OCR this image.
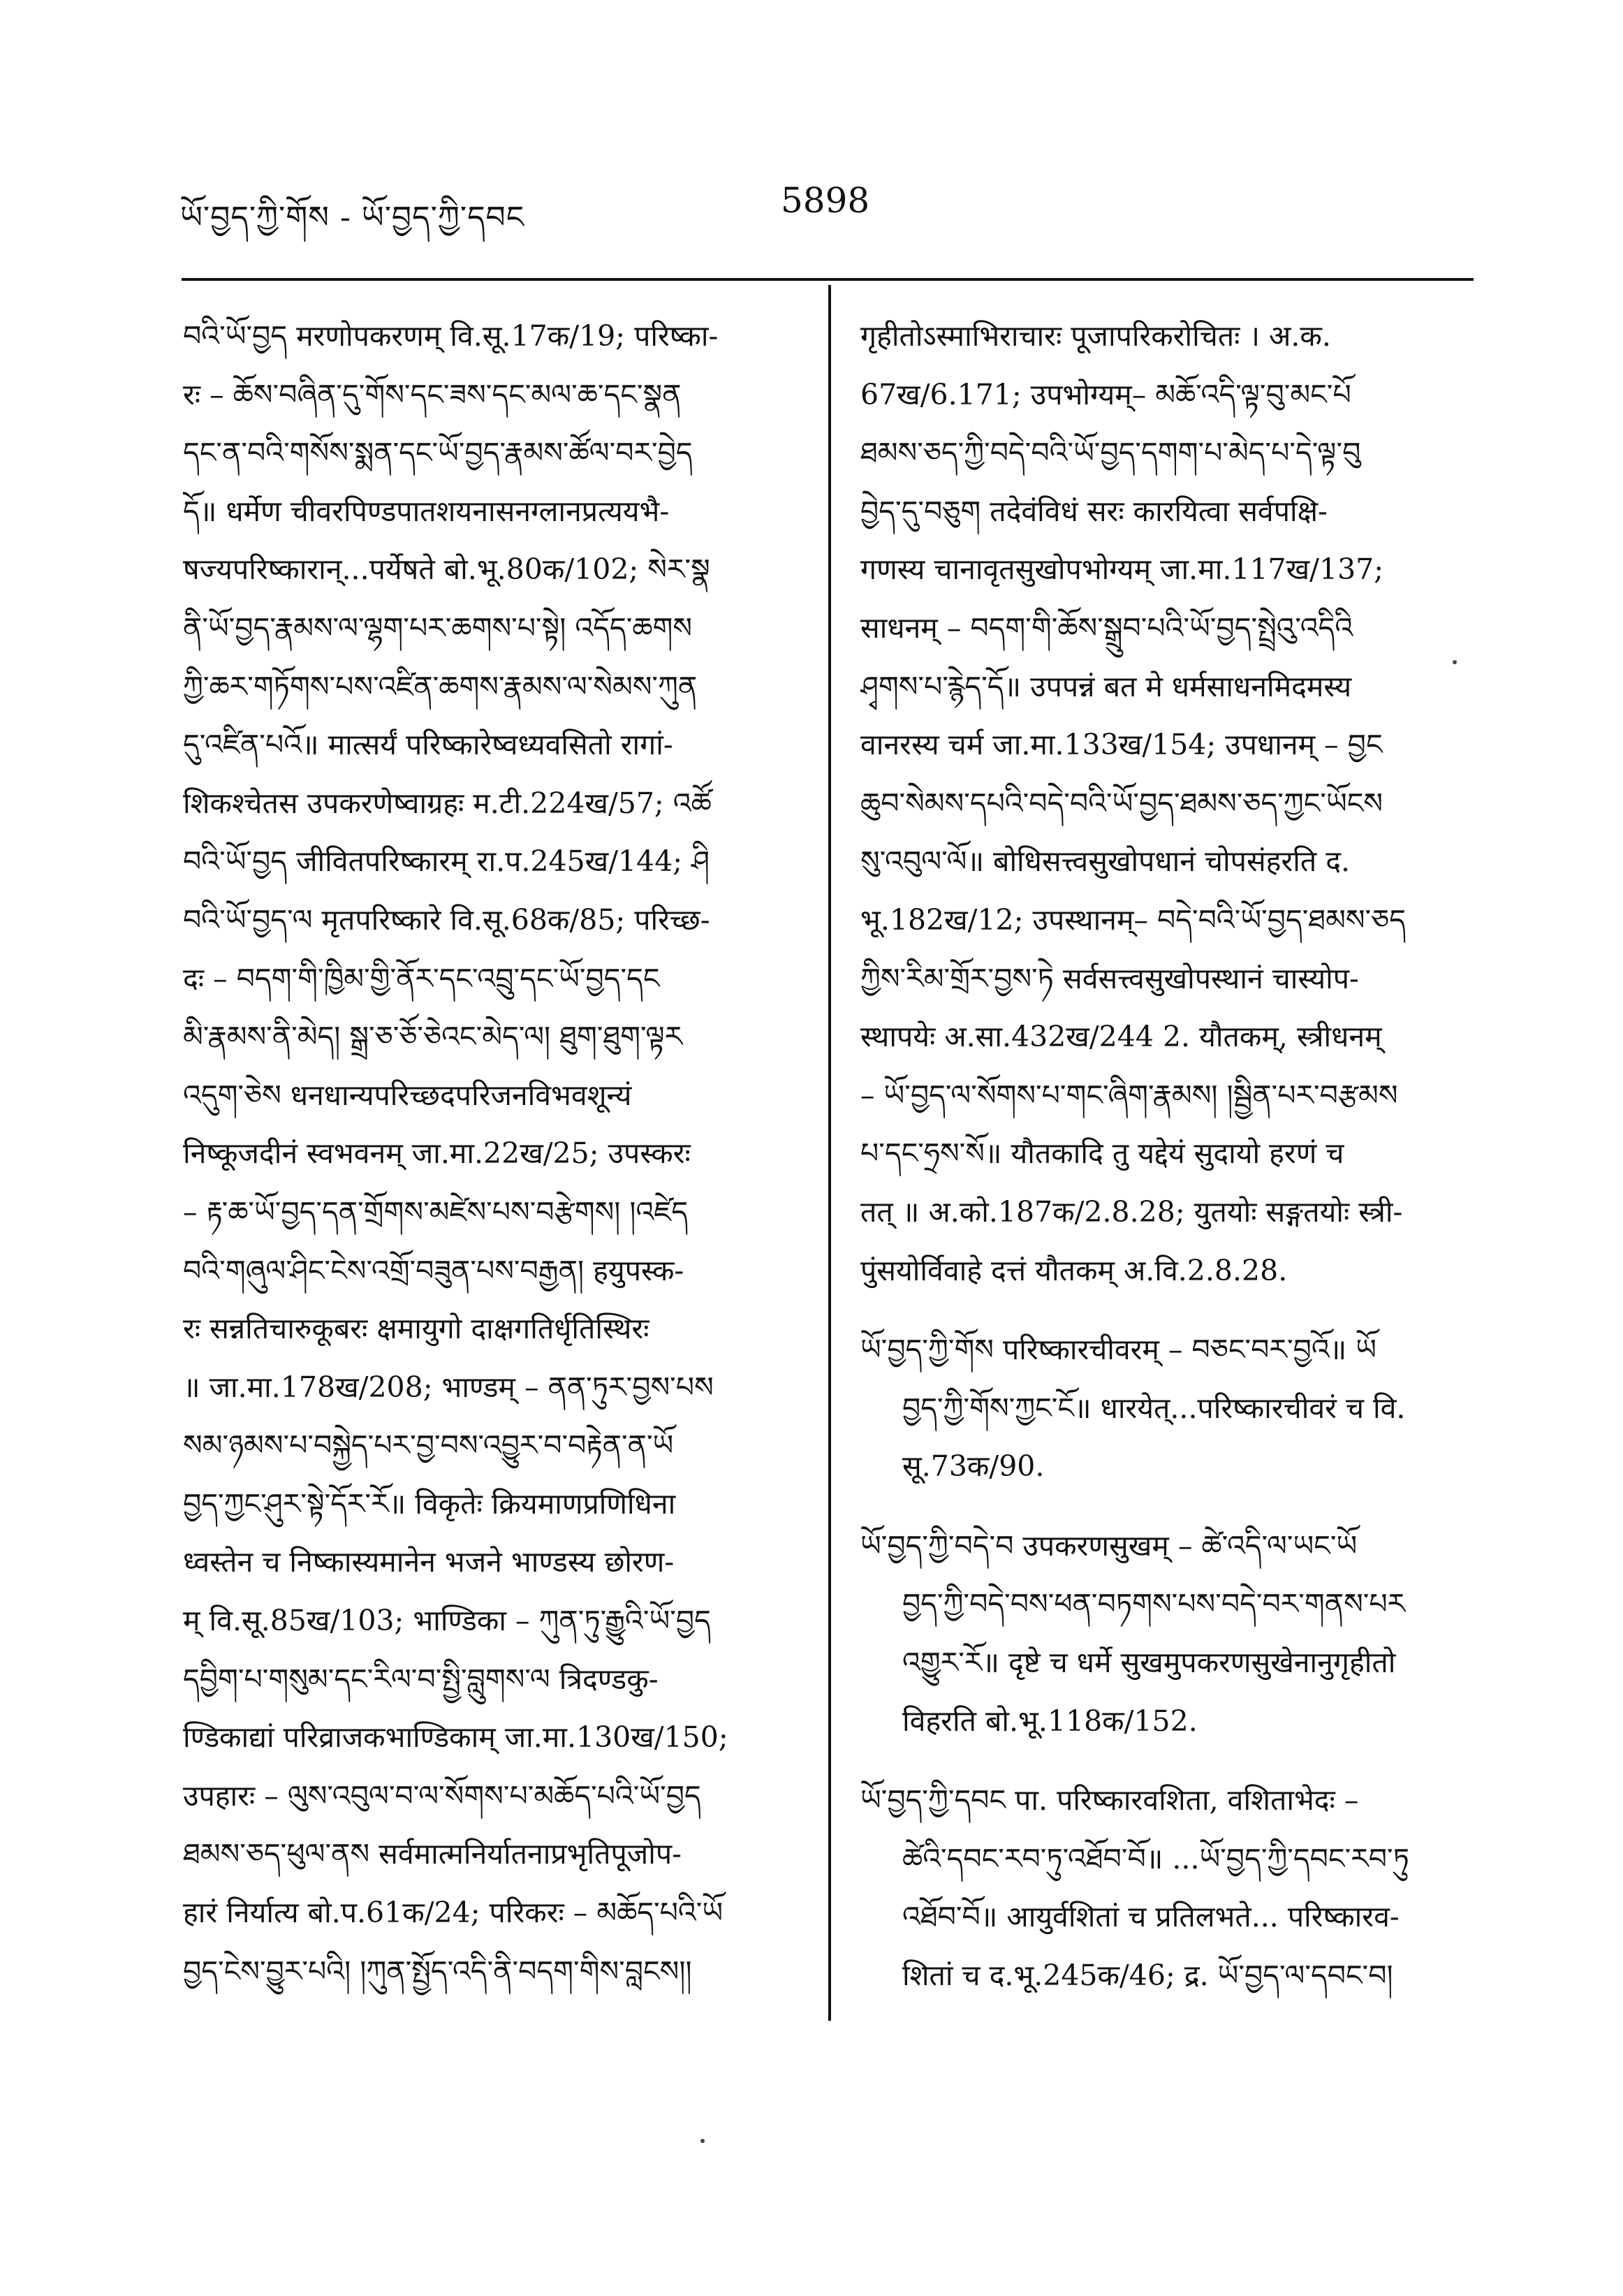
ཡོ་བྱད་ཀྱི་གོས - ཡོ་བྱད་ཀྱི་དབང	5898
བའི་ཡོ་བྱད मरणोपकरणम् वि.सू.17क/19; परिष्का-
रः – ཆོས་བཞིན་དུ་གོས་དང་ཟས་དང་མལ་ཆ་དང་སྣན
དང་ན་བའི་གསོས་སྨན་དང་ཡོ་བྱད་རྣམས་ཚོལ་བར་བྱེད
དོ॥ धर्मेण चीवरपिण्डपातशयनासनग्लानप्रत्ययभै-
षज्यपरिष्कारान्...पर्येषते बो.भू.80क/102; སེར་སྣ
ནི་ཡོ་བྱད་རྣམས་ལ་ལྷག་པར་ཆགས་པ་སྟེ། འདོད་ཆགས
ཀྱི་ཆར་གཏོགས་པས་འཛིན་ཆགས་རྣམས་ལ་སེམས་ཀུན
དུ་འཛིན་པའོ॥ मात्सर्यं परिष्कारेष्वध्यवसितो रागां-
शिकश्चेतस उपकरणेष्वाग्रहः म.टी.224ख/57; འཚོ
བའི་ཡོ་བྱད जीवितपरिष्कारम् रा.प.245ख/144; ཤི
བའི་ཡོ་བྱད་ལ मृतपरिष्कारे वि.सू.68क/85; परिच्छ-
दः – བདག་གི་ཁྱིམ་གྱི་ནོར་དང་འབྲུ་དང་ཡོ་བྱད་དང
མི་རྣམས་ནི་མེད། སྒྲ་ཅ་ཅོ་ཅེའང་མེད་ལ། ཐུག་ཐུག་ལྟར
འདུག་ཅེས धनधान्यपरिच्छदपरिजनविभवशून्यं
निष्कूजदीनं स्वभवनम् जा.मा.22ख/25; उपस्करः
– རྟ་ཆ་ཡོ་བྱད་དན་གྲོགས་མཛེས་པས་བརྩེགས། །འཛེད
བའི་གཞུལ་ཤིང་ངེས་འགྲོ་བཟུན་པས་བརྒྱན། हयुपस्क-
रः सन्नतिचारुकूबरः क्षमायुगो दाक्षगतिर्धृतिस्थिरः
॥ जा.मा.178ख/208; भाण्डम् – ནན་ཏུར་བྱས་པས
སམ་ཉམས་པ་བསྐྱེད་པར་བྱ་བས་འབྱུར་བ་བརྟེན་ན་ཡོ
བྱད་ཀྱང་ཤུར་སྟེ་དོར་རོ॥ विकृतेः क्रियमाणप्रणिधिना
ध्वस्तेन च निष्कास्यमानेन भजने भाण्डस्य छोरण-
म् वि.सू.85ख/103; भाण्डिका – ཀུན་ཏུ་རྒྱུའི་ཡོ་བྱད
དབྱིག་པ་གསུམ་དང་རིལ་བ་སྤྱི་བླུགས་ལ त्रिदण्डकु-
ण्डिकाद्यां परिव्राजकभाण्डिकाम् जा.मा.130ख/150;
उपहारः – ལུས་འབུལ་བ་ལ་སོགས་པ་མཆོད་པའི་ཡོ་བྱད
ཐམས་ཅད་ཕུལ་ནས सर्वमात्मनिर्यातनाप्रभृतिपूजोप-
हारं निर्यात्य बो.प.61क/24; परिकरः – མཆོད་པའི་ཡོ
བྱད་ངེས་བྱུར་པའི། །ཀུན་སྤྱོད་འདི་ནི་བདག་གིས་བླངས།།
गृहीतोऽस्माभिराचारः पूजापरिकरोचितः । अ.क.
67ख/6.171; उपभोग्यम्– མཆོ་འདི་ལྟ་བུ་མང་པོ
ཐམས་ཅད་ཀྱི་བདེ་བའི་ཡོ་བྱད་དགག་པ་མེད་པ་དེ་ལྟ་བུ
བྱེད་དུ་བཅུག तदेवंविधं सरः कारयित्वा सर्वपक्षि-
गणस्य चानावृतसुखोपभोग्यम् जा.मा.117ख/137;
साधनम् – བདག་གི་ཆོས་སྒྲུབ་པའི་ཡོ་བྱད་སྤྲེའུ་འདིའི
ཤྭགས་པ་རྙེད་དོ॥ उपपन्नं बत मे धर्मसाधनमिदमस्य
वानरस्य चर्म जा.मा.133ख/154; उपधानम् – བྱང
ཆུབ་སེམས་དཔའི་བདེ་བའི་ཡོ་བྱད་ཐམས་ཅད་ཀྱང་ཡོངས
སུ་འབུལ་ལོ॥ बोधिसत्त्वसुखोपधानं चोपसंहरति द.
भू.182ख/12; उपस्थानम्– བདེ་བའི་ཡོ་བྱད་ཐམས་ཅད
ཀྱིས་རིམ་གྲོར་བྱས་ཏེ सर्वसत्त्वसुखोपस्थानं चास्योप-
स्थापयेः अ.सा.432ख/244 2. यौतकम्, स्त्रीधनम्
– ཡོ་བྱད་ལ་སོགས་པ་གང་ཞིག་རྣམས། །སྦྱིན་པར་བརྩམས
པ་དང་ཧྲས་སོ॥ यौतकादि तु यद्देयं सुदायो हरणं च
तत् ॥ अ.को.187क/2.8.28; युतयोः सङ्गतयोः स्त्री-
पुंसयोर्विवाहे दत्तं यौतकम् अ.वि.2.8.28.
ཡོ་བྱད་ཀྱི་གོས परिष्कारचीवरम् – བཅང་བར་བྱའོ॥ ཡོ
བྱད་ཀྱི་གོས་ཀྱང་ངོ॥ धारयेत्...परिष्कारचीवरं च वि.
सू.73क/90.
ཡོ་བྱད་ཀྱི་བདེ་བ उपकरणसुखम् – ཚེ་འདི་ལ་ཡང་ཡོ
བྱད་ཀྱི་བདེ་བས་ཕན་བཏགས་པས་བདེ་བར་གནས་པར
འགྱུར་རོ॥ दृष्टे च धर्मे सुखमुपकरणसुखेनानुगृहीतो
विहरति बो.भू.118क/152.
ཡོ་བྱད་ཀྱི་དབང पा. परिष्कारवशिता, वशिताभेदः –
ཚེའི་དབང་རབ་ཏུ་འཐོབ་བོ॥ ...ཡོ་བྱད་ཀྱི་དབང་རབ་ཏུ
འཐོབ་བོ॥ आयुर्वशितां च प्रतिलभते... परिष्कारव-
शितां च द.भू.245क/46; द्र. ཡོ་བྱད་ལ་དབང་བ།
